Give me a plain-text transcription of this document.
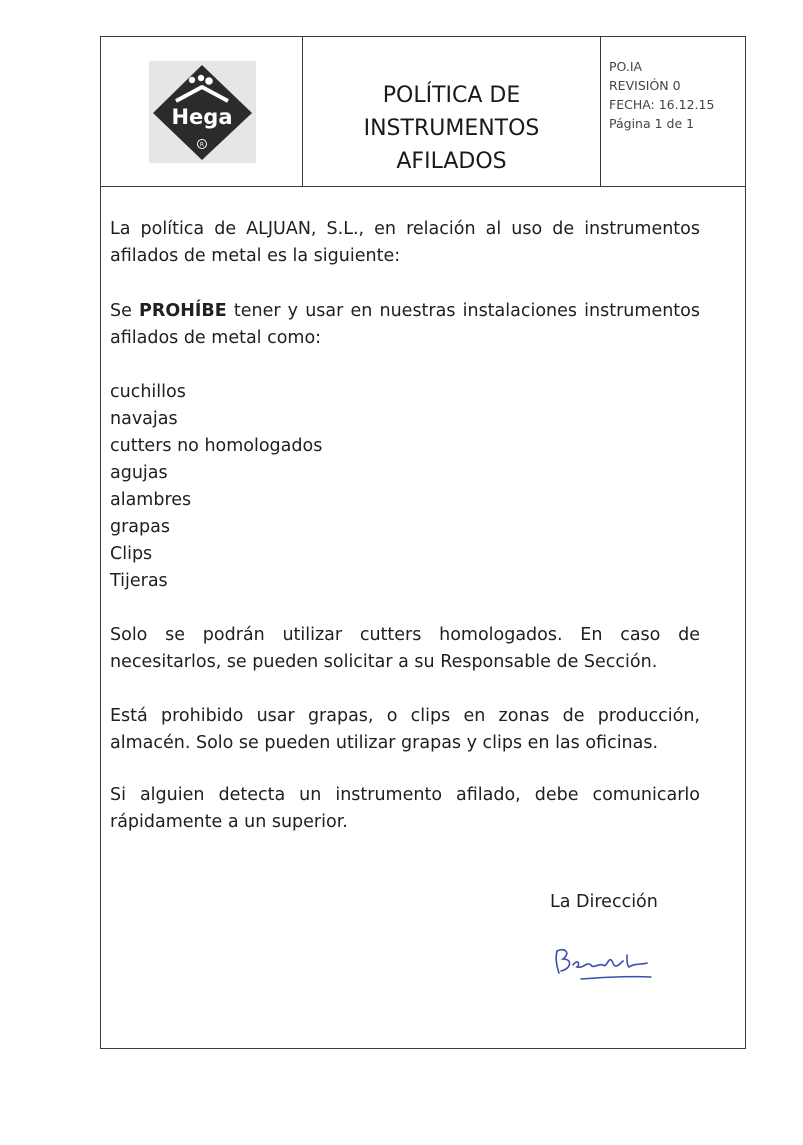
Hega
R
POLÍTICA DE
INSTRUMENTOS
AFILADOS
PO.IA
REVISIÓN 0
FECHA: 16.12.15
Página 1 de 1
La política de ALJUAN, S.L., en relación al uso de instrumentos afilados de metal es la siguiente:
Se PROHÍBE tener y usar en nuestras instalaciones instrumentos afilados de metal como:
cuchillos
navajas
cutters no homologados
agujas
alambres
grapas
Clips
Tijeras
Solo se podrán utilizar cutters homologados. En caso de necesitarlos, se pueden solicitar a su Responsable de Sección.
Está prohibido usar grapas, o clips en zonas de producción, almacén. Solo se pueden utilizar grapas y clips en las oficinas.
Si alguien detecta un instrumento afilado, debe comunicarlo rápidamente a un superior.
La Dirección
